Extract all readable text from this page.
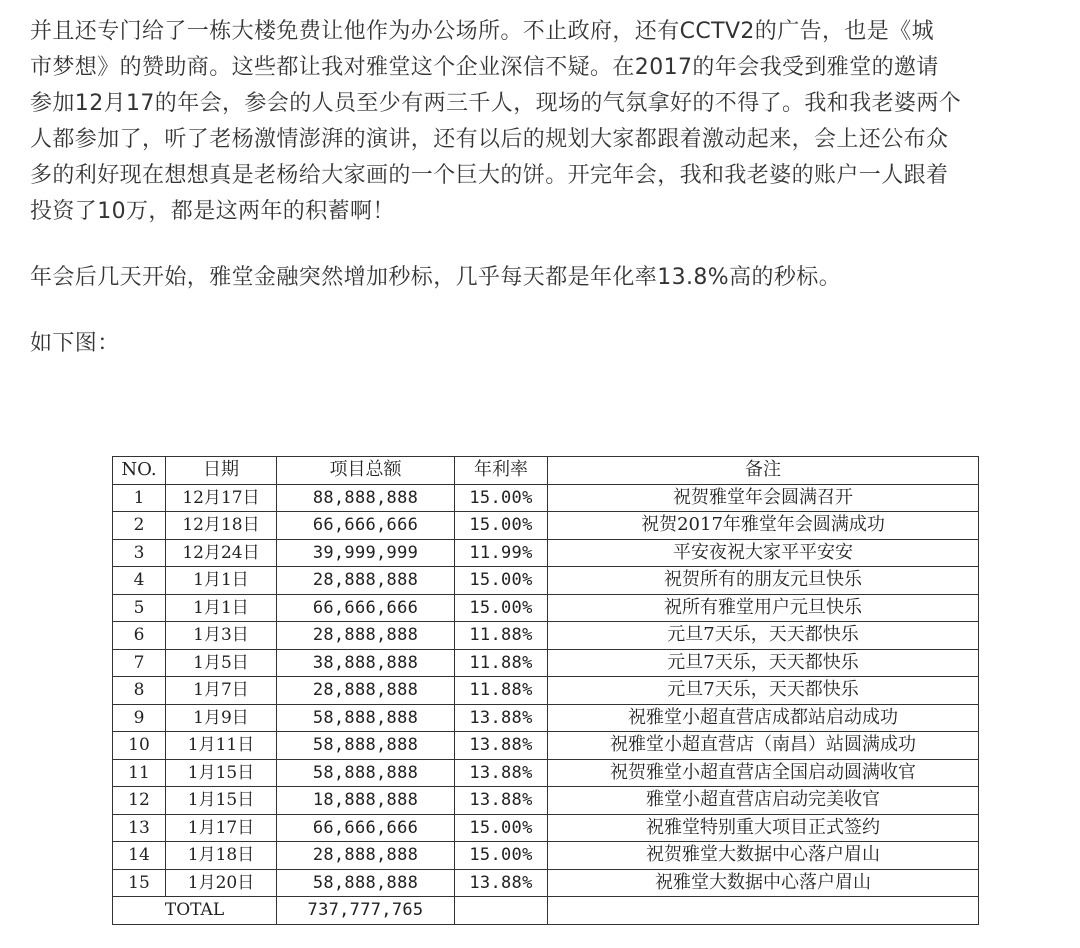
并且还专门给了一栋大楼免费让他作为办公场所。不止政府，还有CCTV2的广告，也是《城
市梦想》的赞助商。这些都让我对雅堂这个企业深信不疑。在2017的年会我受到雅堂的邀请
参加12月17的年会，参会的人员至少有两三千人，现场的气氛拿好的不得了。我和我老婆两个
人都参加了，听了老杨激情澎湃的演讲，还有以后的规划大家都跟着激动起来，会上还公布众
多的利好现在想想真是老杨给大家画的一个巨大的饼。开完年会，我和我老婆的账户一人跟着
投资了10万，都是这两年的积蓄啊！

年会后几天开始，雅堂金融突然增加秒标，几乎每天都是年化率13.8%高的秒标。

如下图：

NO.	日期	项目总额	年利率	备注
1	12月17日	88,888,888	15.00%	祝贺雅堂年会圆满召开
2	12月18日	66,666,666	15.00%	祝贺2017年雅堂年会圆满成功
3	12月24日	39,999,999	11.99%	平安夜祝大家平平安安
4	1月1日	28,888,888	15.00%	祝贺所有的朋友元旦快乐
5	1月1日	66,666,666	15.00%	祝所有雅堂用户元旦快乐
6	1月3日	28,888,888	11.88%	元旦7天乐，天天都快乐
7	1月5日	38,888,888	11.88%	元旦7天乐，天天都快乐
8	1月7日	28,888,888	11.88%	元旦7天乐，天天都快乐
9	1月9日	58,888,888	13.88%	祝雅堂小超直营店成都站启动成功
10	1月11日	58,888,888	13.88%	祝雅堂小超直营店（南昌）站圆满成功
11	1月15日	58,888,888	13.88%	祝贺雅堂小超直营店全国启动圆满收官
12	1月15日	18,888,888	13.88%	雅堂小超直营店启动完美收官
13	1月17日	66,666,666	15.00%	祝雅堂特别重大项目正式签约
14	1月18日	28,888,888	15.00%	祝贺雅堂大数据中心落户眉山
15	1月20日	58,888,888	13.88%	祝雅堂大数据中心落户眉山
TOTAL		737,777,765		
